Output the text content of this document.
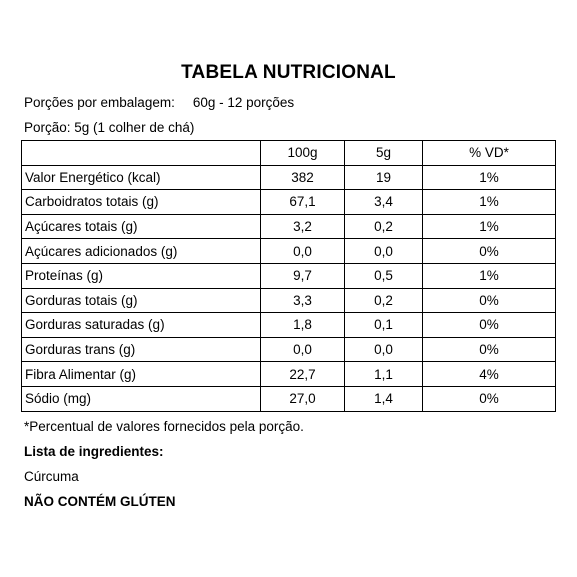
TABELA NUTRICIONAL
Porções por embalagem: 60g - 12 porções
Porção: 5g (1 colher de chá)
	100g	5g	% VD*
Valor Energético (kcal)	382	19	1%
Carboidratos totais (g)	67,1	3,4	1%
Açúcares totais (g)	3,2	0,2	1%
Açúcares adicionados (g)	0,0	0,0	0%
Proteínas (g)	9,7	0,5	1%
Gorduras totais (g)	3,3	0,2	0%
Gorduras saturadas (g)	1,8	0,1	0%
Gorduras trans (g)	0,0	0,0	0%
Fibra Alimentar (g)	22,7	1,1	4%
Sódio (mg)	27,0	1,4	0%
*Percentual de valores fornecidos pela porção.
Lista de ingredientes:
Cúrcuma
NÃO CONTÉM GLÚTEN
